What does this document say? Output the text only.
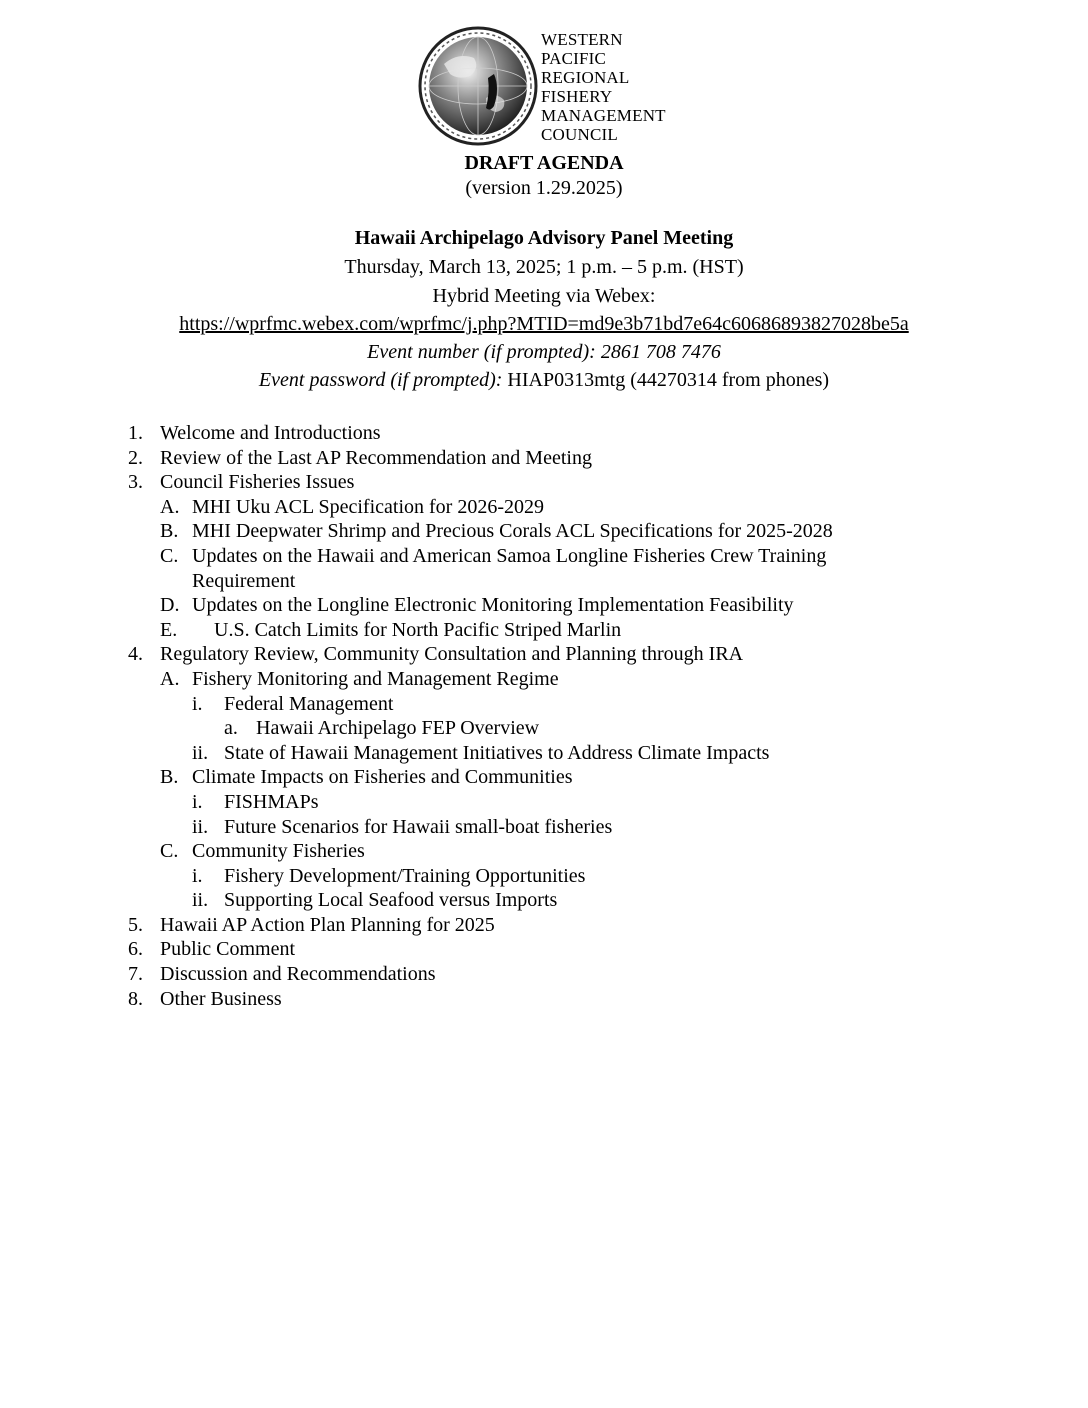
WESTERN
PACIFIC
REGIONAL
FISHERY
MANAGEMENT
COUNCIL
DRAFT AGENDA
(version 1.29.2025)
Hawaii Archipelago Advisory Panel Meeting
Thursday, March 13, 2025; 1 p.m. – 5 p.m. (HST)
Hybrid Meeting via Webex:
https://wprfmc.webex.com/wprfmc/j.php?MTID=md9e3b71bd7e64c60686893827028be5a
Event number (if prompted): 2861 708 7476
Event password (if prompted): HIAP0313mtg (44270314 from phones)
1. Welcome and Introductions
2. Review of the Last AP Recommendation and Meeting
3. Council Fisheries Issues
A. MHI Uku ACL Specification for 2026-2029
B. MHI Deepwater Shrimp and Precious Corals ACL Specifications for 2025-2028
C. Updates on the Hawaii and American Samoa Longline Fisheries Crew Training Requirement
D. Updates on the Longline Electronic Monitoring Implementation Feasibility
E. U.S. Catch Limits for North Pacific Striped Marlin
4. Regulatory Review, Community Consultation and Planning through IRA
A. Fishery Monitoring and Management Regime
i. Federal Management
a. Hawaii Archipelago FEP Overview
ii. State of Hawaii Management Initiatives to Address Climate Impacts
B. Climate Impacts on Fisheries and Communities
i. FISHMAPs
ii. Future Scenarios for Hawaii small-boat fisheries
C. Community Fisheries
i. Fishery Development/Training Opportunities
ii. Supporting Local Seafood versus Imports
5. Hawaii AP Action Plan Planning for 2025
6. Public Comment
7. Discussion and Recommendations
8. Other Business
